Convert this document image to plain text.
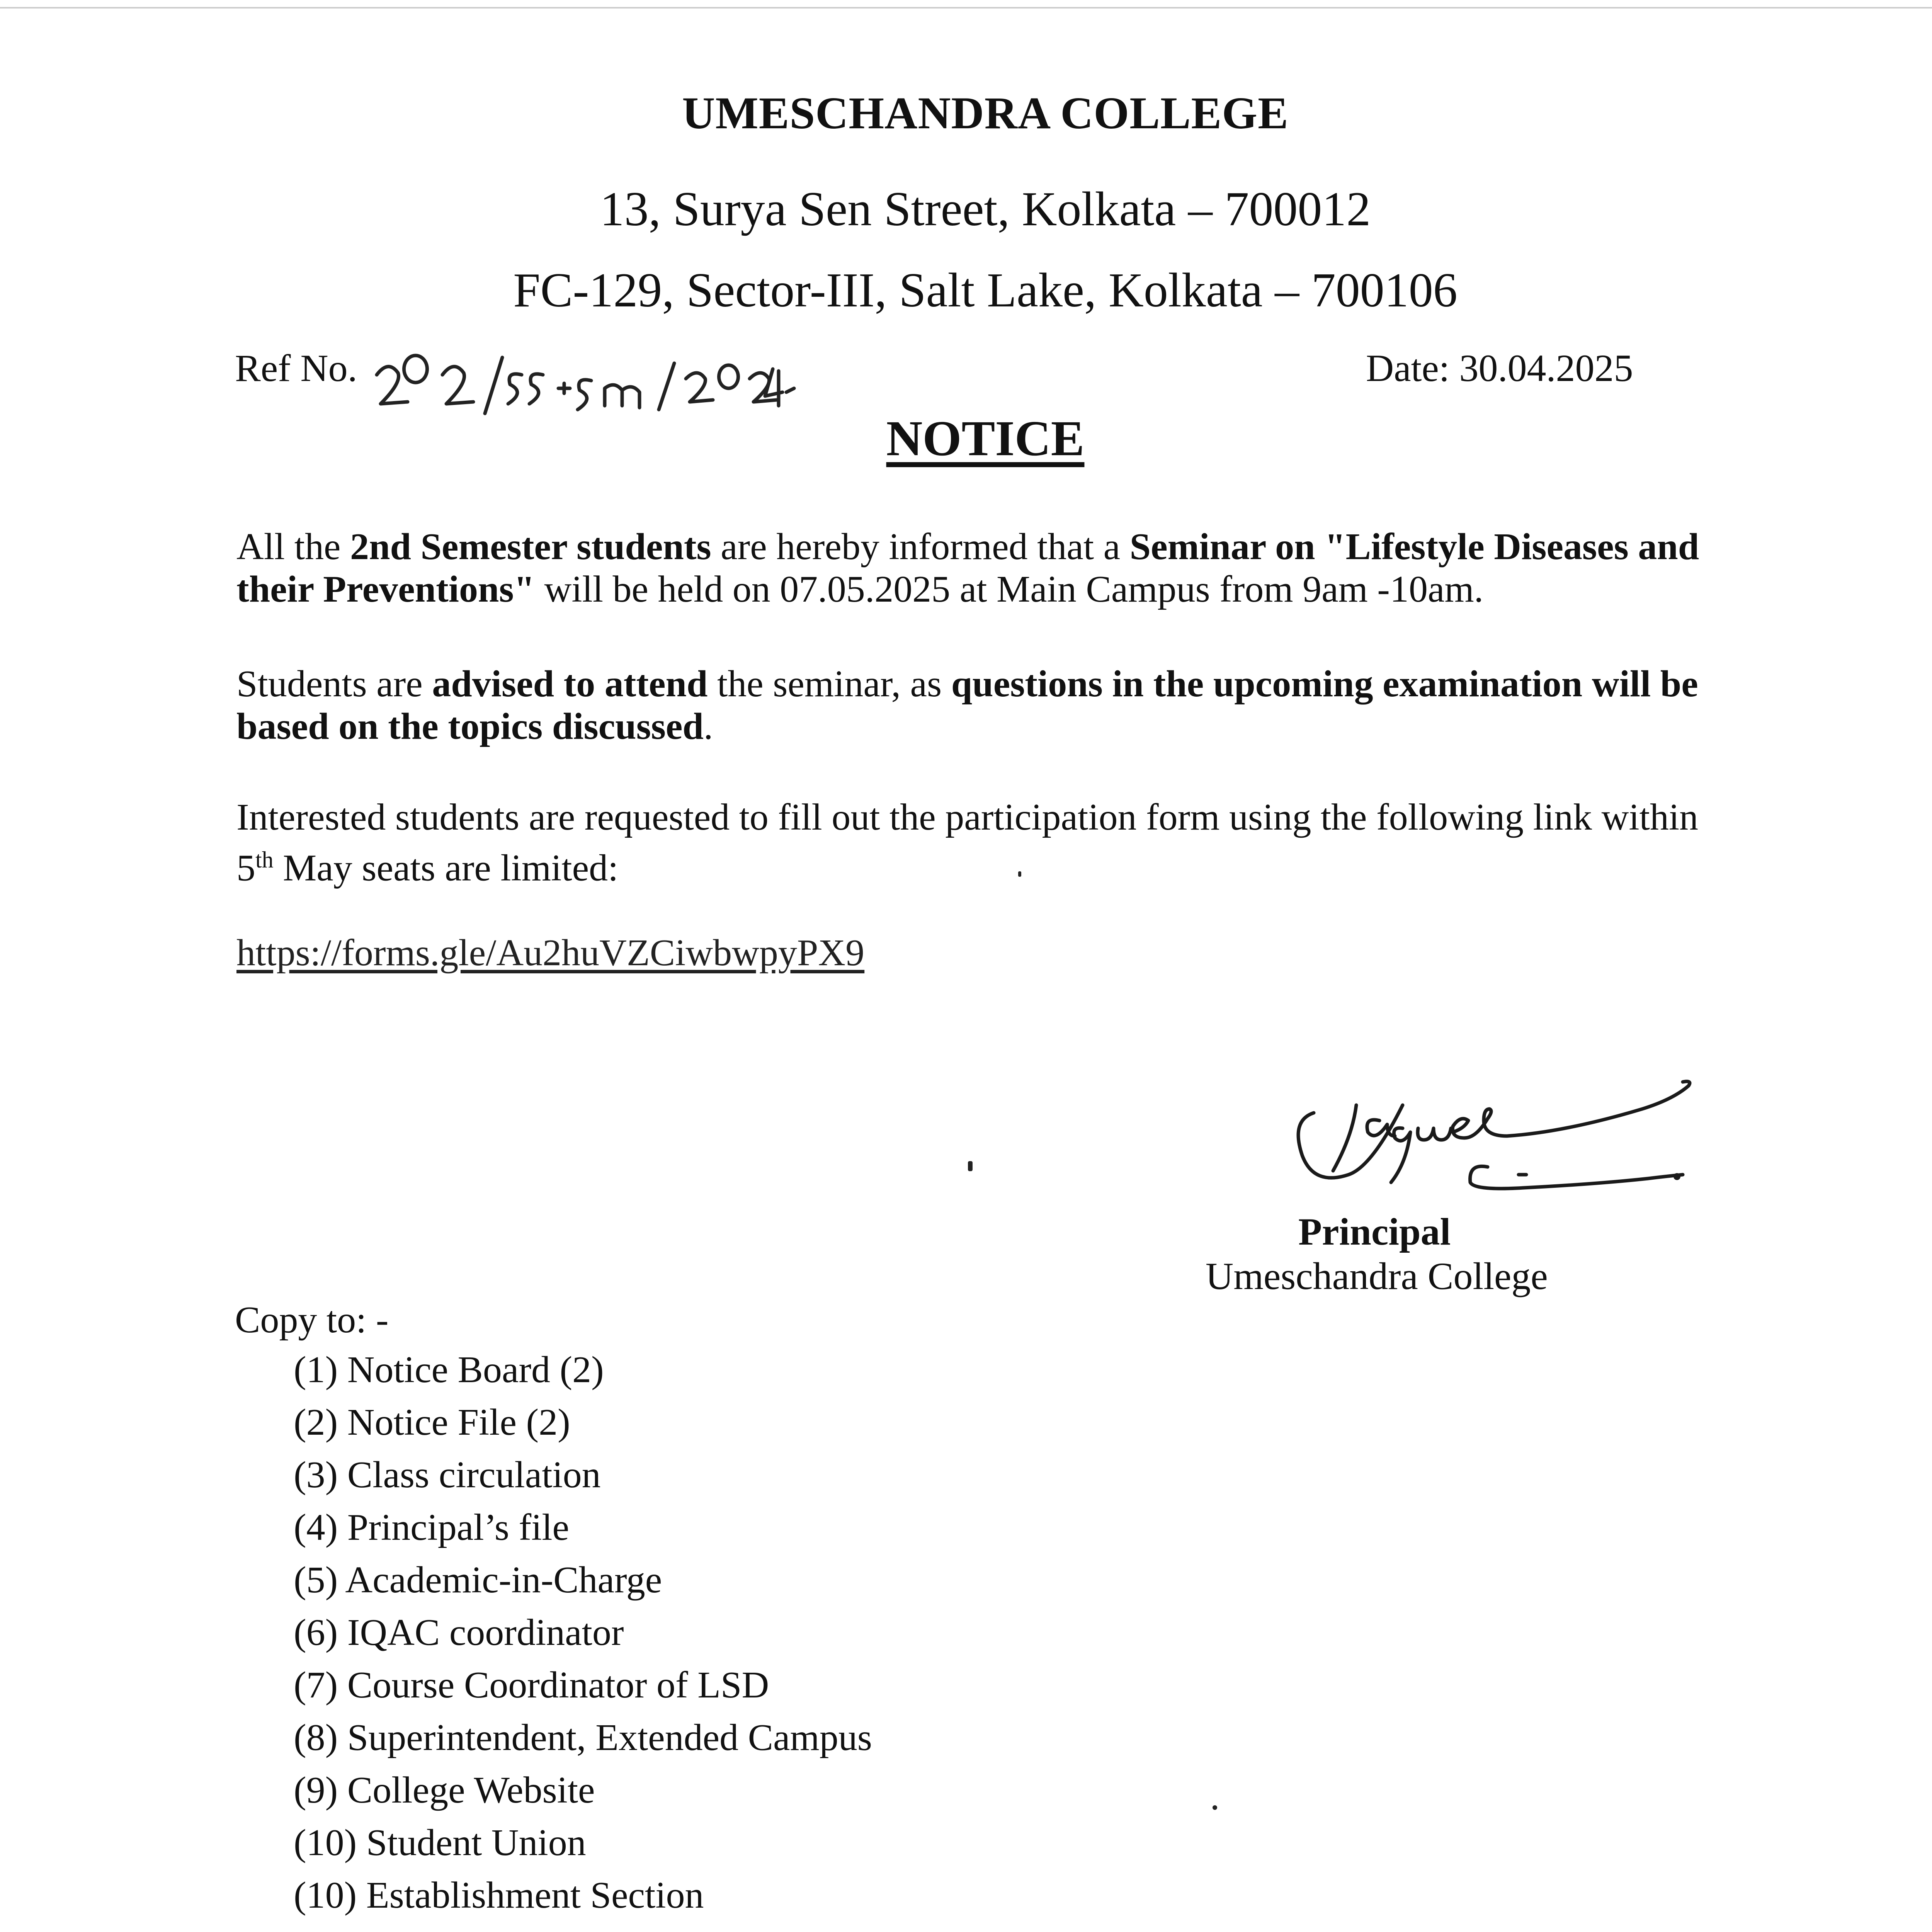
UMESCHANDRA COLLEGE
13, Surya Sen Street, Kolkata – 700012
FC-129, Sector-III, Salt Lake, Kolkata – 700106
Ref No.	Date: 30.04.2025
NOTICE
All the 2nd Semester students are hereby informed that a Seminar on "Lifestyle Diseases and their Preventions" will be held on 07.05.2025 at Main Campus from 9am -10am.
Students are advised to attend the seminar, as questions in the upcoming examination will be based on the topics discussed.
Interested students are requested to fill out the participation form using the following link within 5th May seats are limited:
https://forms.gle/Au2huVZCiwbwpyPX9
Principal
Umeschandra College
Copy to: -
(1) Notice Board (2)
(2) Notice File (2)
(3) Class circulation
(4) Principal’s file
(5) Academic-in-Charge
(6) IQAC coordinator
(7) Course Coordinator of LSD
(8) Superintendent, Extended Campus
(9) College Website
(10) Student Union
(10) Establishment Section
